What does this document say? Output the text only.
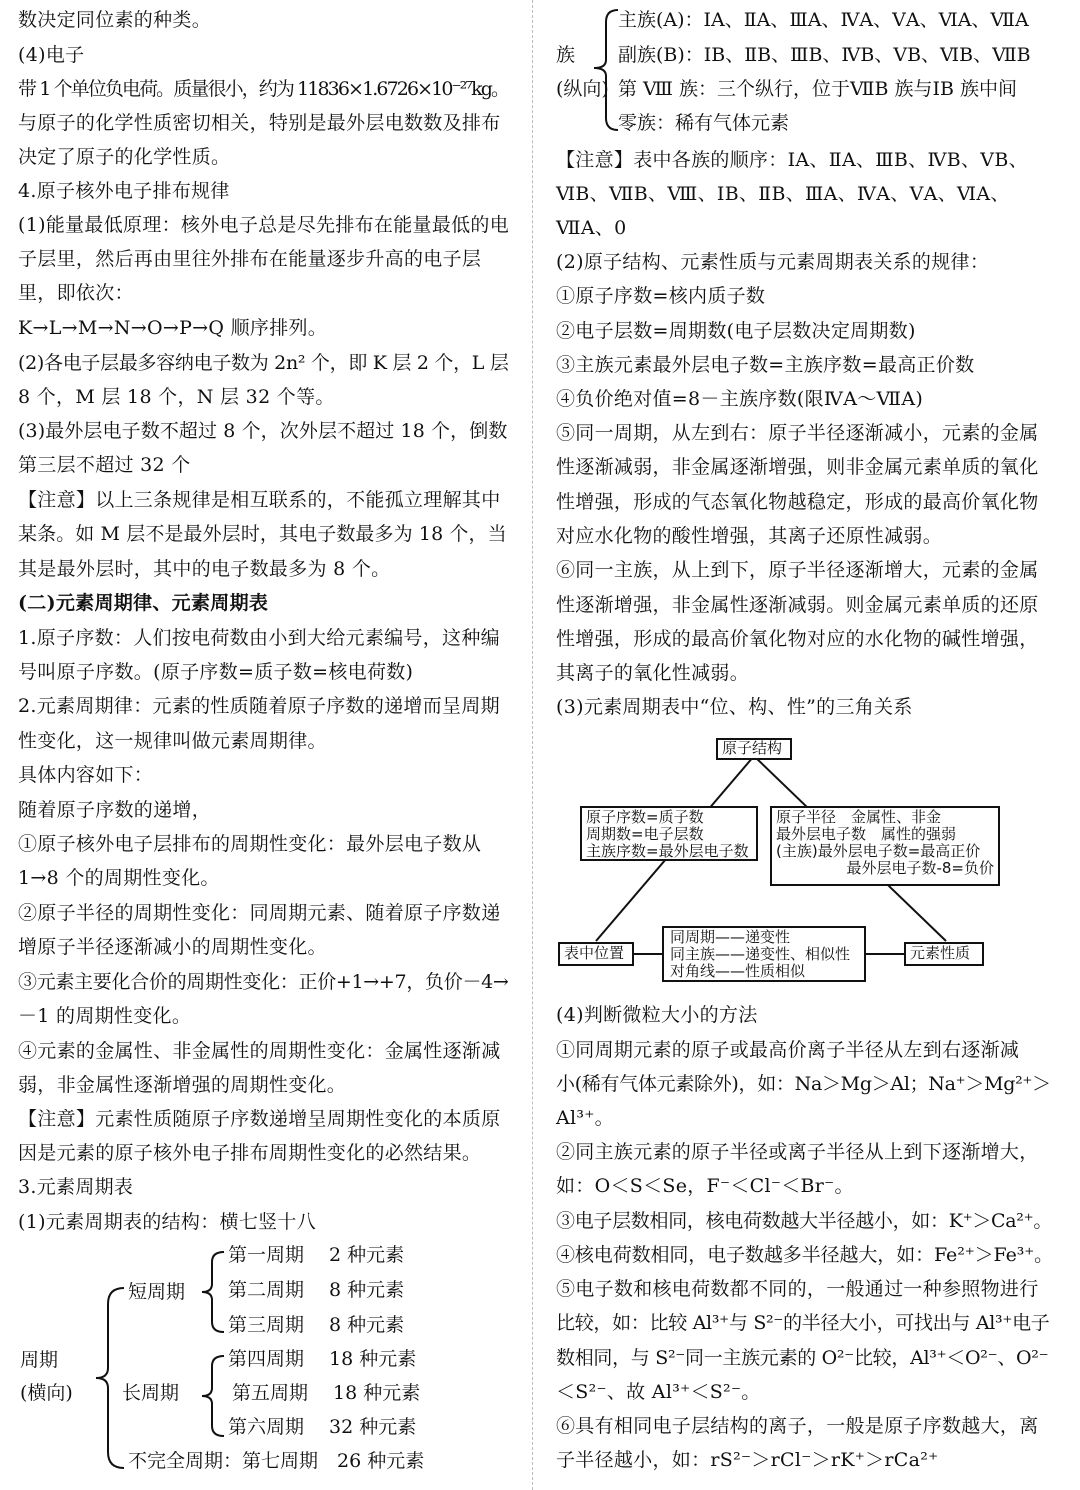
数决定同位素的种类。
(4)电子
带 1 个单位负电荷。质量很小，约为 11836×1.6726×10⁻²⁷kg。
与原子的化学性质密切相关，特别是最外层电数数及排布
决定了原子的化学性质。
4.原子核外电子排布规律
(1)能量最低原理：核外电子总是尽先排布在能量最低的电
子层里，然后再由里往外排布在能量逐步升高的电子层
里，即依次：
K→L→M→N→O→P→Q 顺序排列。
(2)各电子层最多容纳电子数为 2n² 个，即 K 层 2 个，L 层
8 个，M 层 18 个，N 层 32 个等。
(3)最外层电子数不超过 8 个，次外层不超过 18 个，倒数
第三层不超过 32 个
【注意】以上三条规律是相互联系的，不能孤立理解其中
某条。如 M 层不是最外层时，其电子数最多为 18 个，当
其是最外层时，其中的电子数最多为 8 个。
(二)元素周期律、元素周期表
1.原子序数：人们按电荷数由小到大给元素编号，这种编
号叫原子序数。(原子序数=质子数=核电荷数)
2.元素周期律：元素的性质随着原子序数的递增而呈周期
性变化，这一规律叫做元素周期律。
具体内容如下：
随着原子序数的递增，
①原子核外电子层排布的周期性变化：最外层电子数从
1→8 个的周期性变化。
②原子半径的周期性变化：同周期元素、随着原子序数递
增原子半径逐渐减小的周期性变化。
③元素主要化合价的周期性变化：正价+1→+7，负价－4→
－1 的周期性变化。
④元素的金属性、非金属性的周期性变化：金属性逐渐减
弱，非金属性逐渐增强的周期性变化。
【注意】元素性质随原子序数递增呈周期性变化的本质原
因是元素的原子核外电子排布周期性变化的必然结果。
3.元素周期表
(1)元素周期表的结构：横七竖十八
周期
(横向)
短周期
第一周期　 2 种元素
第二周期　 8 种元素
第三周期　 8 种元素
长周期
第四周期　 18 种元素
第五周期　 18 种元素
第六周期　 32 种元素
不完全周期：第七周期　26 种元素
族
(纵向)
主族(A)：ⅠA、ⅡA、ⅢA、ⅣA、ⅤA、ⅥA、ⅦA
副族(B)：ⅠB、ⅡB、ⅢB、ⅣB、ⅤB、ⅥB、ⅦB
第 Ⅷ 族：三个纵行，位于ⅦB 族与ⅠB 族中间
零族：稀有气体元素
【注意】表中各族的顺序：ⅠA、ⅡA、ⅢB、ⅣB、ⅤB、
ⅥB、ⅦB、Ⅷ、ⅠB、ⅡB、ⅢA、ⅣA、ⅤA、ⅥA、
ⅦA、0
(2)原子结构、元素性质与元素周期表关系的规律：
①原子序数=核内质子数
②电子层数=周期数(电子层数决定周期数)
③主族元素最外层电子数=主族序数=最高正价数
④负价绝对值=8－主族序数(限ⅣA～ⅦA)
⑤同一周期，从左到右：原子半径逐渐减小，元素的金属
性逐渐减弱，非金属逐渐增强，则非金属元素单质的氧化
性增强，形成的气态氧化物越稳定，形成的最高价氧化物
对应水化物的酸性增强，其离子还原性减弱。
⑥同一主族，从上到下，原子半径逐渐增大，元素的金属
性逐渐增强，非金属性逐渐减弱。则金属元素单质的还原
性增强，形成的最高价氧化物对应的水化物的碱性增强，
其离子的氧化性减弱。
(3)元素周期表中“位、构、性”的三角关系
原子结构
原子序数=质子数
周期数=电子层数
主族序数=最外层电子数
原子半径　金属性、非金
最外层电子数　属性的强弱
(主族)最外层电子数=最高正价
最外层电子数-8=负价
表中位置
同周期——递变性
同主族——递变性、相似性
对角线——性质相似
元素性质
(4)判断微粒大小的方法
①同周期元素的原子或最高价离子半径从左到右逐渐减
小(稀有气体元素除外)，如：Na＞Mg＞Al；Na⁺＞Mg²⁺＞
Al³⁺。
②同主族元素的原子半径或离子半径从上到下逐渐增大，
如：O＜S＜Se，F⁻＜Cl⁻＜Br⁻。
③电子层数相同，核电荷数越大半径越小，如：K⁺＞Ca²⁺。
④核电荷数相同，电子数越多半径越大，如：Fe²⁺＞Fe³⁺。
⑤电子数和核电荷数都不同的，一般通过一种参照物进行
比较，如：比较 Al³⁺与 S²⁻的半径大小，可找出与 Al³⁺电子
数相同，与 S²⁻同一主族元素的 O²⁻比较，Al³⁺＜O²⁻、O²⁻
＜S²⁻、故 Al³⁺＜S²⁻。
⑥具有相同电子层结构的离子，一般是原子序数越大，离
子半径越小，如：rS²⁻＞rCl⁻＞rK⁺＞rCa²⁺
